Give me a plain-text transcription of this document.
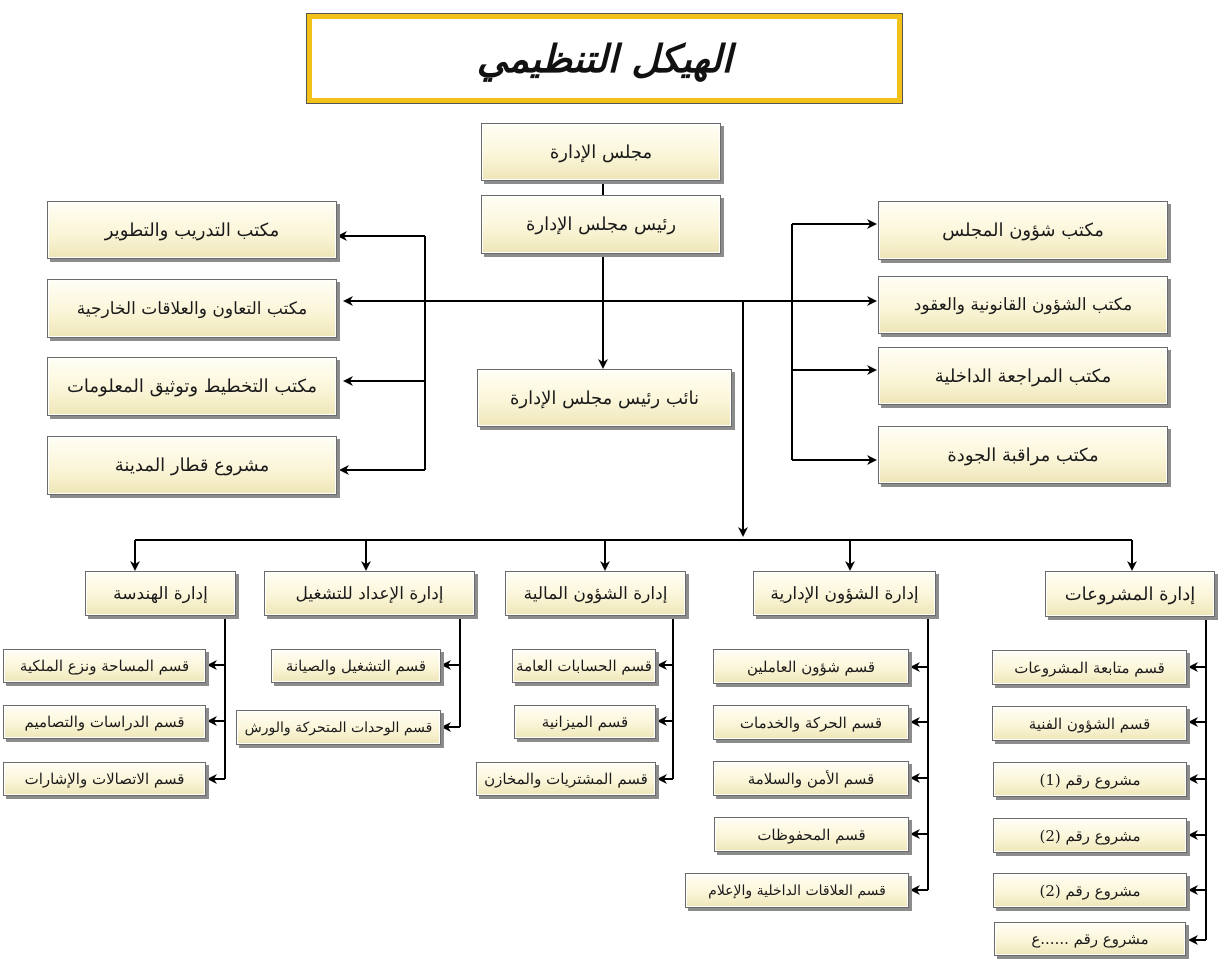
الهيكل التنظيمي
مجلس الإدارة
رئيس مجلس الإدارة
نائب رئيس مجلس الإدارة
مكتب التدريب والتطوير
مكتب التعاون والعلاقات الخارجية
مكتب التخطيط وتوثيق المعلومات
مشروع قطار المدينة
مكتب شؤون المجلس
مكتب الشؤون القانونية والعقود
مكتب المراجعة الداخلية
مكتب مراقبة الجودة
إدارة الهندسة	إدارة الإعداد للتشغيل	إدارة الشؤون المالية	إدارة الشؤون الإدارية	إدارة المشروعات
قسم المساحة ونزع الملكية
قسم الدراسات والتصاميم
قسم الاتصالات والإشارات
قسم التشغيل والصيانة
قسم الوحدات المتحركة والورش
قسم الحسابات العامة
قسم الميزانية
قسم المشتريات والمخازن
قسم شؤون العاملين
قسم الحركة والخدمات
قسم الأمن والسلامة
قسم المحفوظات
قسم العلاقات الداخلية والإعلام
قسم متابعة المشروعات
قسم الشؤون الفنية
مشروع رقم (1)
مشروع رقم (2)
مشروع رقم (2)
مشروع رقم ......ع
